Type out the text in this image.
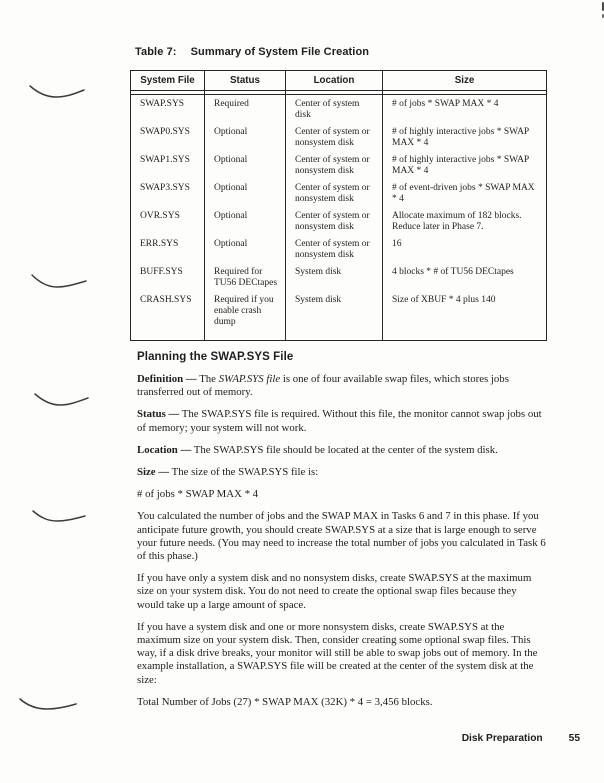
Table 7: Summary of System File Creation
System File	Status	Location	Size

SWAP.SYS	Required	Center of system disk	# of jobs * SWAP MAX * 4
SWAP0.SYS	Optional	Center of system or nonsystem disk	# of highly interactive jobs * SWAP MAX * 4
SWAP1.SYS	Optional	Center of system or nonsystem disk	# of highly interactive jobs * SWAP MAX * 4
SWAP3.SYS	Optional	Center of system or nonsystem disk	# of event-driven jobs * SWAP MAX * 4
OVR.SYS	Optional	Center of system or nonsystem disk	Allocate maximum of 182 blocks. Reduce later in Phase 7.
ERR.SYS	Optional	Center of system or nonsystem disk	16
BUFF.SYS	Required for TU56 DECtapes	System disk	4 blocks * # of TU56 DECtapes
CRASH.SYS	Required if you enable crash dump	System disk	Size of XBUF * 4 plus 140
Planning the SWAP.SYS File

Definition — The SWAP.SYS file is one of four available swap files, which stores jobs transferred out of memory.

Status — The SWAP.SYS file is required. Without this file, the monitor cannot swap jobs out of memory; your system will not work.

Location — The SWAP.SYS file should be located at the center of the system disk.

Size — The size of the SWAP.SYS file is:

# of jobs * SWAP MAX * 4

You calculated the number of jobs and the SWAP MAX in Tasks 6 and 7 in this phase. If you anticipate future growth, you should create SWAP.SYS at a size that is large enough to serve your future needs. (You may need to increase the total number of jobs you calculated in Task 6 of this phase.)

If you have only a system disk and no nonsystem disks, create SWAP.SYS at the maximum size on your system disk. You do not need to create the optional swap files because they would take up a large amount of space.

If you have a system disk and one or more nonsystem disks, create SWAP.SYS at the maximum size on your system disk. Then, consider creating some optional swap files. This way, if a disk drive breaks, your monitor will still be able to swap jobs out of memory. In the example installation, a SWAP.SYS file will be created at the center of the system disk at the size:

Total Number of Jobs (27) * SWAP MAX (32K) * 4 = 3,456 blocks.

Disk Preparation	55
